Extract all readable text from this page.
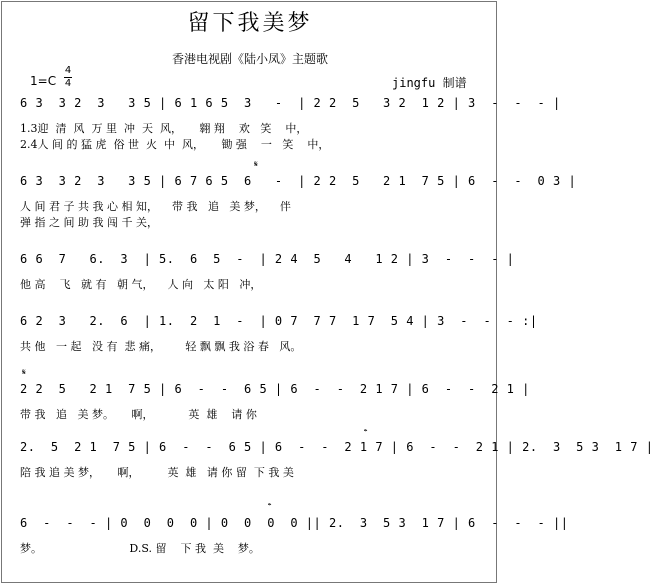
留下我美梦
香港电视剧《陆小凤》主题歌
1=C
4
4	jingfu 制谱
6 3  3 2  3   3 5 | 6 1 6 5  3   -  | 2 2  5   3 2  1 2 | 3  -  -  - |
1.3迎  清  风  万 里  冲  天  风，     翱 翔    欢   笑    中，
2.4人 间 的 猛 虎  俗 世  火  中  风，     锄 强    一   笑    中，
6 3  3 2  3   3 5 | 6 7 6 5  6   -  | 2 2  5   2 1  7 5 | 6  -  -  0 3 |
人 间 君 子 共 我 心 相 知，    带 我   追   美 梦，    伴
弹 指 之 间 助 我 闯 千 关，
6 6  7   6.  3  | 5.  6  5  -  | 2 4  5   4   1 2 | 3  -  -  - |
他 高    飞   就 有   朝 气，    人 向   太 阳   冲，
6 2  3   2.  6  | 1.  2  1  -  | 0 7  7 7  1 7  5 4 | 3  -  -  - :|
共 他   一 起   没 有  悲 痛，       轻 飘 飘 我 浴 春   风。
2 2  5   2 1  7 5 | 6  -  -  6 5 | 6  -  -  2 1 7 | 6  -  -  2 1 |
带 我   追   美 梦。     啊，          英  雄    请 你
2.  5  2 1  7 5 | 6  -  -  6 5 | 6  -  -  2 1 7 | 6  -  -  2 1 | 2.  3  5 3  1 7 |
陪 我 追 美 梦，     啊，        英  雄   请 你 留  下 我 美
6  -  -  - | 0  0  0  0 | 0  0  0  0 || 2.  3  5 3  1 7 | 6  -  -  - ||
梦。                         D.S. 留    下 我  美    梦。
𝄋
𝄋
𝄌
𝄌
